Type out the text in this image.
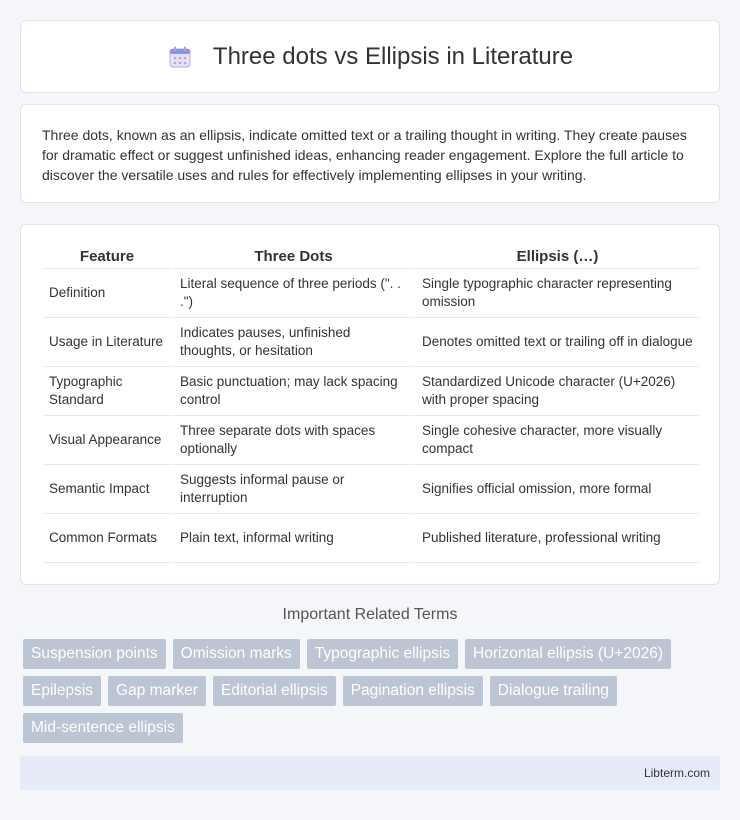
Three dots vs Ellipsis in Literature

Three dots, known as an ellipsis, indicate omitted text or a trailing thought in writing. They create pauses for dramatic effect or suggest unfinished ideas, enhancing reader engagement. Explore the full article to discover the versatile uses and rules for effectively implementing ellipses in your writing.

Feature	Three Dots	Ellipsis (…)
Definition	Literal sequence of three periods (". . .")	Single typographic character representing omission
Usage in Literature	Indicates pauses, unfinished thoughts, or hesitation	Denotes omitted text or trailing off in dialogue
Typographic Standard	Basic punctuation; may lack spacing control	Standardized Unicode character (U+2026) with proper spacing
Visual Appearance	Three separate dots with spaces optionally	Single cohesive character, more visually compact
Semantic Impact	Suggests informal pause or interruption	Signifies official omission, more formal
Common Formats	Plain text, informal writing	Published literature, professional writing
Important Related Terms
Suspension points	Omission marks	Typographic ellipsis	Horizontal ellipsis (U+2026)
Epilepsis	Gap marker	Editorial ellipsis	Pagination ellipsis	Dialogue trailing
Mid-sentence ellipsis
Libterm.com
